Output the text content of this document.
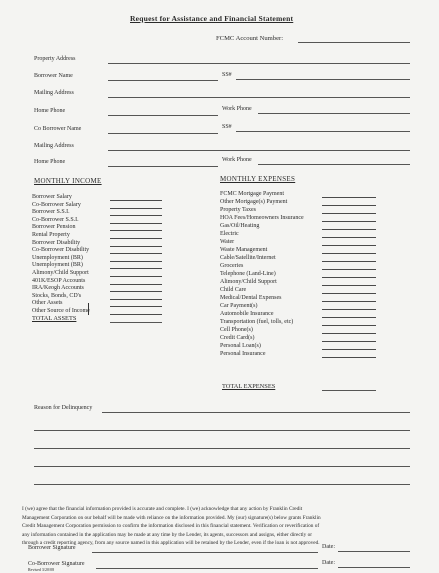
Request for Assistance and Financial Statement
FCMC Account Number:
Property Address
Borrower Name	SS#
Mailing Address
Home Phone	Work Phone
Co Borrower Name	SS#
Mailing Address
Home Phone	Work Phone
MONTHLY INCOME
Borrower Salary
Co-Borrower Salary
Borrower S.S.I.
Co-Borrower S.S.I.
Borrower Pension
Rental Property
Borrower Disability
Co-Borrower Disability
Unemployment (BR)
Unemployment (BR)
Alimony/Child Support
401K/ESOP Accounts
IRA/Keogh Accounts
Stocks, Bonds, CD's
Other Assets
Other Source of Income
TOTAL ASSETS
MONTHLY EXPENSES
FCMC Mortgage Payment
Other Mortgage(s) Payment
Property Taxes
HOA Fees/Homeowners Insurance
Gas/Oil/Heating
Electric
Water
Waste Management
Cable/Satellite/Internet
Groceries
Telephone (Land-Line)
Alimony/Child Support
Child Care
Medical/Dental Expenses
Car Payment(s)
Automobile Insurance
Transportation (fuel, tolls, etc)
Cell Phone(s)
Credit Card(s)
Personal Loan(s)
Personal Insurance
TOTAL EXPENSES
Reason for Delinquency
I (we) agree that the financial information provided is accurate and complete. I (we) acknowledge that any action by Franklin Credit
Management Corporation on our behalf will be made with reliance on the information provided. My (our) signature(s) below grants Franklin
Credit Management Corporation permission to confirm the information disclosed in this financial statement. Verification or reverification of
any information contained in the application may be made at any time by the Lender, its agents, successors and assigns, either directly or
through a credit reporting agency, from any source named in this application will be retained by the Lender, even if the loan is not approved.
Borrower Signature	Date:
Co-Borrower Signature	Date:
Revised 3/20/08
